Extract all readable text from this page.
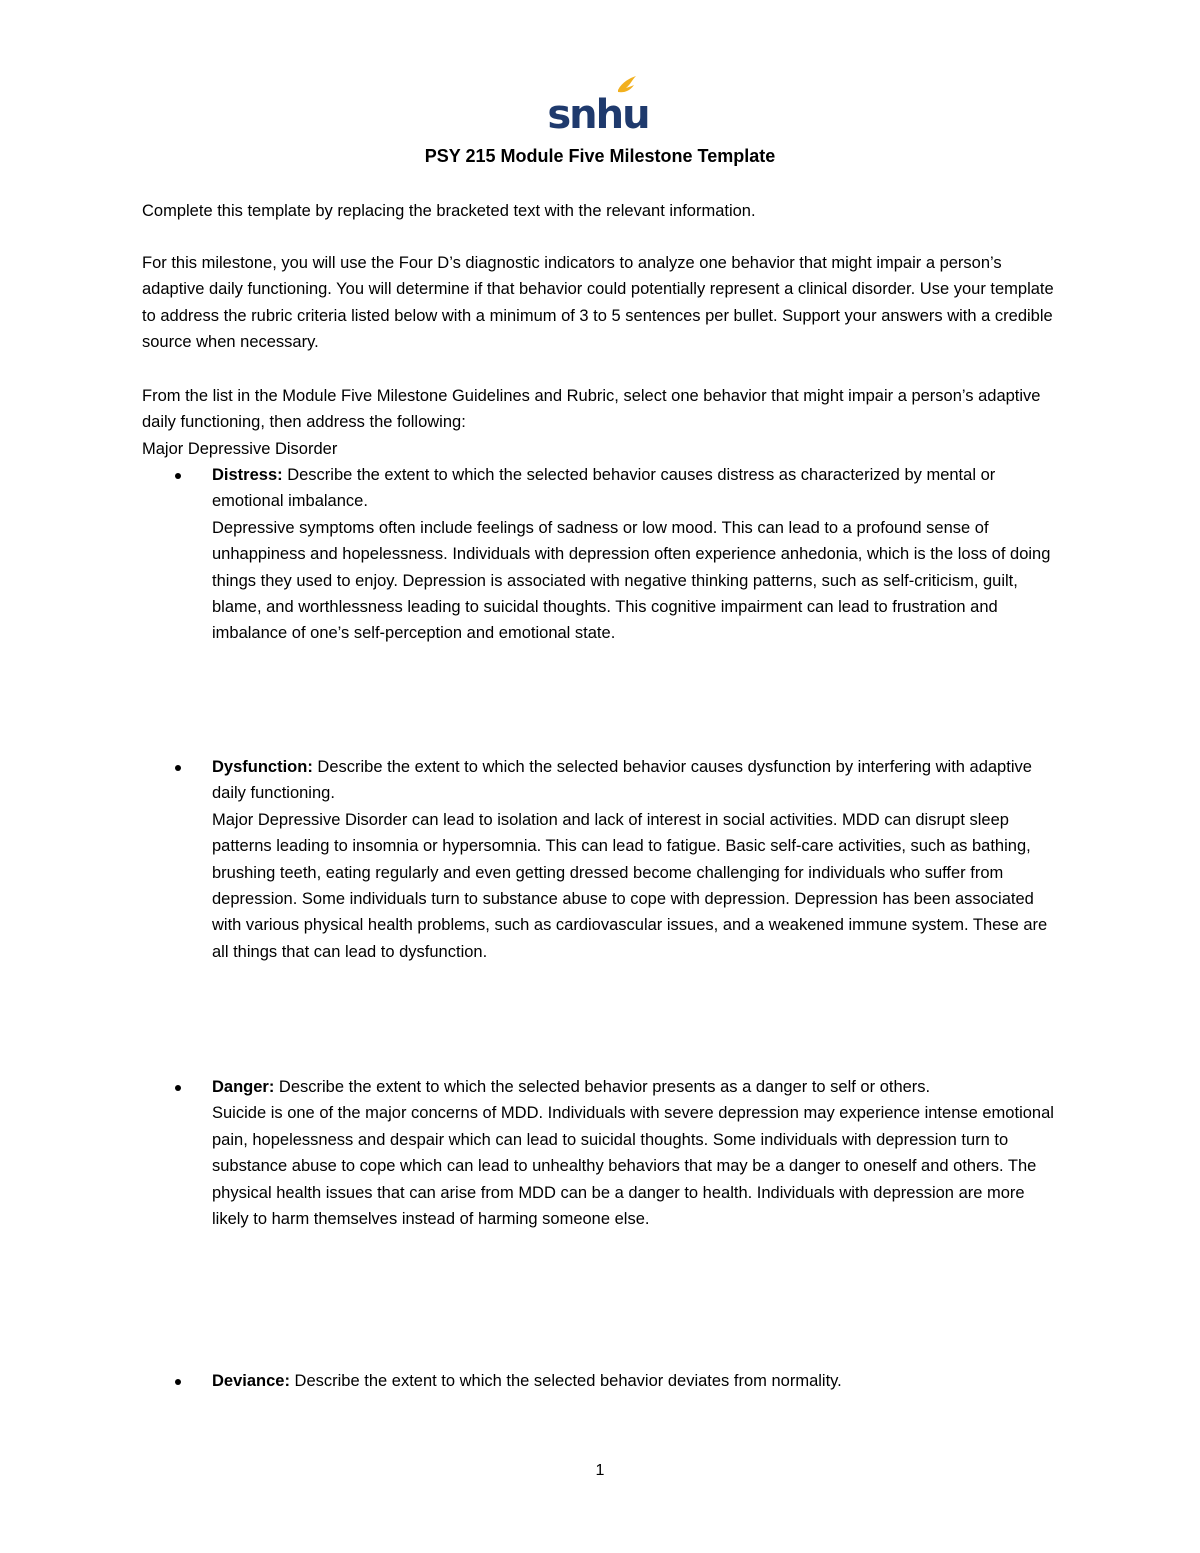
snhu
PSY 215 Module Five Milestone Template

Complete this template by replacing the bracketed text with the relevant information.

For this milestone, you will use the Four D’s diagnostic indicators to analyze one behavior that might impair a person’s adaptive daily functioning. You will determine if that behavior could potentially represent a clinical disorder. Use your template to address the rubric criteria listed below with a minimum of 3 to 5 sentences per bullet. Support your answers with a credible source when necessary.

From the list in the Module Five Milestone Guidelines and Rubric, select one behavior that might impair a person’s adaptive daily functioning, then address the following:

Major Depressive Disorder

Distress: Describe the extent to which the selected behavior causes distress as characterized by mental or emotional imbalance.
Depressive symptoms often include feelings of sadness or low mood. This can lead to a profound sense of unhappiness and hopelessness. Individuals with depression often experience anhedonia, which is the loss of doing things they used to enjoy. Depression is associated with negative thinking patterns, such as self-criticism, guilt, blame, and worthlessness leading to suicidal thoughts. This cognitive impairment can lead to frustration and imbalance of one’s self-perception and emotional state.
Dysfunction: Describe the extent to which the selected behavior causes dysfunction by interfering with adaptive daily functioning.
Major Depressive Disorder can lead to isolation and lack of interest in social activities. MDD can disrupt sleep patterns leading to insomnia or hypersomnia. This can lead to fatigue. Basic self-care activities, such as bathing, brushing teeth, eating regularly and even getting dressed become challenging for individuals who suffer from depression. Some individuals turn to substance abuse to cope with depression. Depression has been associated with various physical health problems, such as cardiovascular issues, and a weakened immune system. These are all things that can lead to dysfunction.
Danger: Describe the extent to which the selected behavior presents as a danger to self or others.
Suicide is one of the major concerns of MDD. Individuals with severe depression may experience intense emotional pain, hopelessness and despair which can lead to suicidal thoughts. Some individuals with depression turn to substance abuse to cope which can lead to unhealthy behaviors that may be a danger to oneself and others. The physical health issues that can arise from MDD can be a danger to health. Individuals with depression are more likely to harm themselves instead of harming someone else.
Deviance: Describe the extent to which the selected behavior deviates from normality.
1
